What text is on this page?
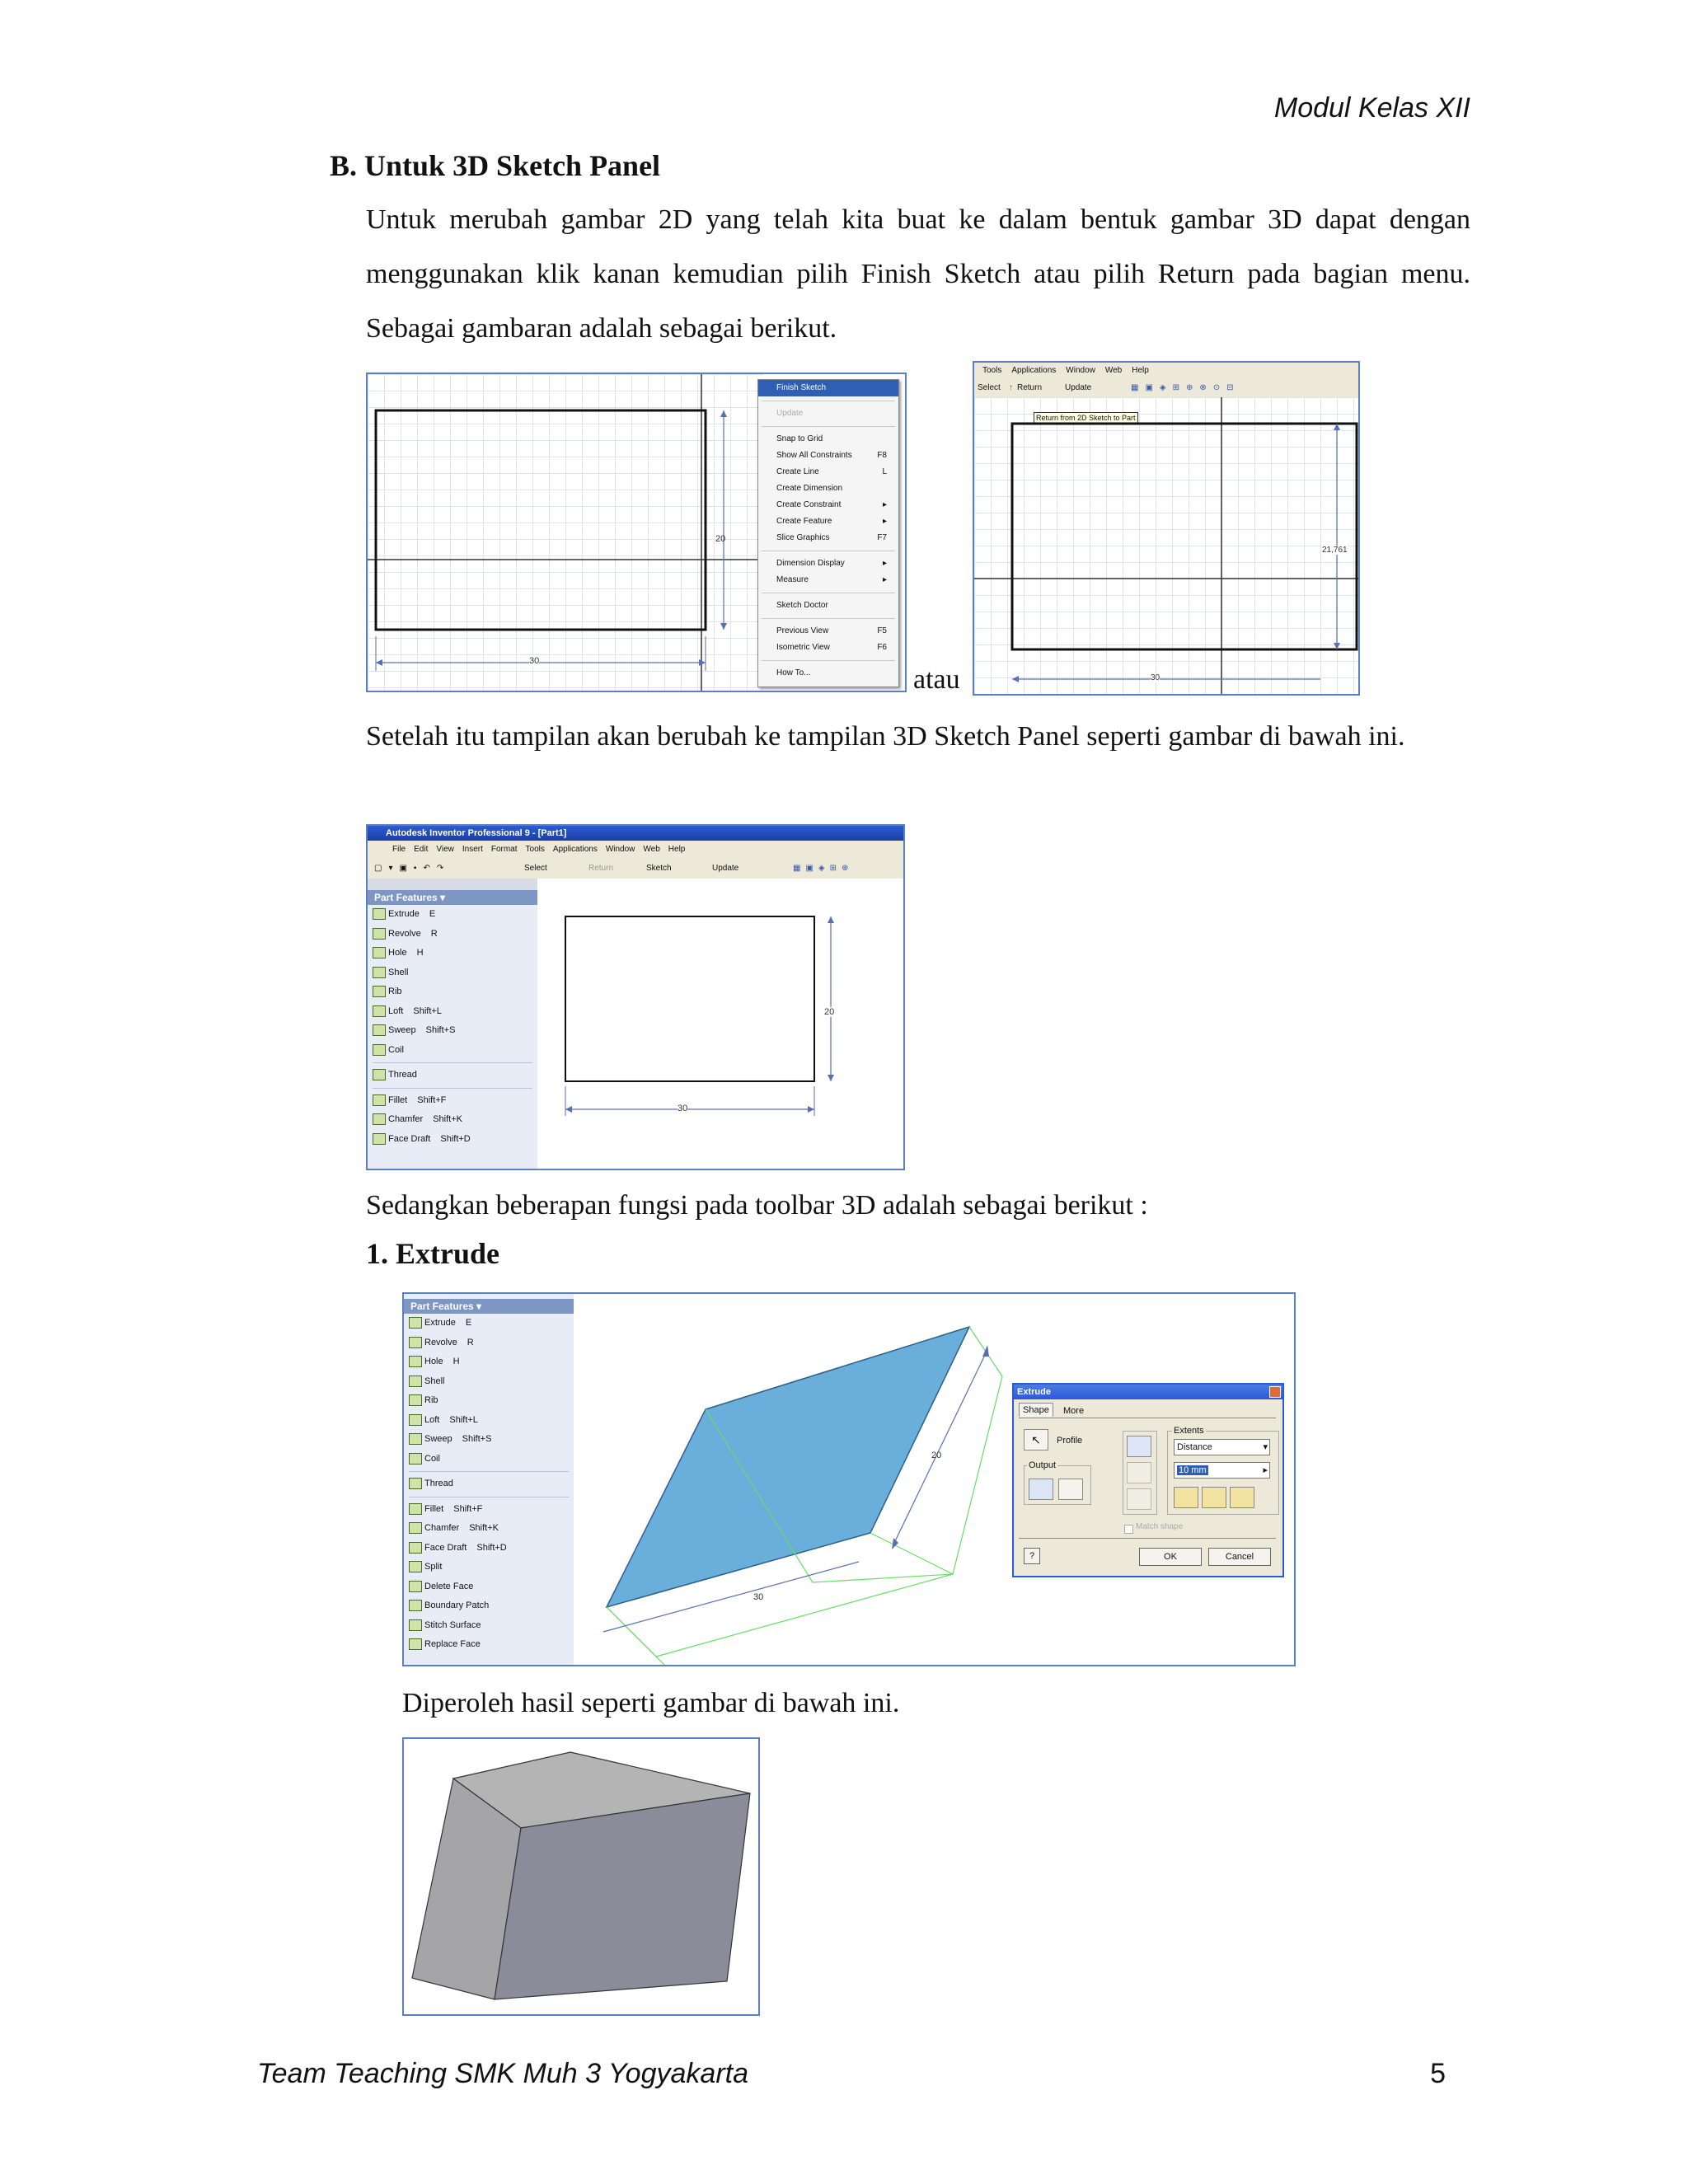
Modul Kelas XII
B. Untuk 3D Sketch Panel
Untuk merubah gambar 2D yang telah kita buat ke dalam bentuk gambar 3D dapat dengan menggunakan klik kanan kemudian pilih Finish Sketch atau pilih Return pada bagian menu. Sebagai gambaran adalah sebagai berikut.
20
30
Finish Sketch
Update
Snap to Grid
Show All Constraints	F8
Create Line	L
Create Dimension
Create Constraint	▸
Create Feature	▸
Slice Graphics	F7
Dimension Display	▸
Measure	▸
Sketch Doctor
Previous View	F5
Isometric View	F6
How To...	atau
Tools Applications Window Web Help
Select ↑ Return	Update	▦▣◈⊞⊕⊗⊙⊟
Return from 2D Sketch to Part
21,761
30
Setelah itu tampilan akan berubah ke tampilan 3D Sketch Panel seperti gambar di bawah ini.
Autodesk Inventor Professional 9 - [Part1]
File Edit View Insert Format Tools Applications Window Web Help
▢▾▣▪↶↷	Select	Return	Sketch	Update	▦▣◈⊞⊕
Part Features ▾
Extrude E
Revolve R
Hole H
Shell
Rib
Loft Shift+L
Sweep Shift+S
Coil
Thread
Fillet Shift+F
Chamfer Shift+K
Face Draft Shift+D
20
30
Sedangkan beberapan fungsi pada toolbar 3D adalah sebagai berikut :
1. Extrude
Part Features ▾
Extrude E
Revolve R
Hole H
Shell
Rib
Loft Shift+L
Sweep Shift+S
Coil
Thread
Fillet Shift+F
Chamfer Shift+K
Face Draft Shift+D
Split
Delete Face
Boundary Patch
Stitch Surface
Replace Face
20
30
Extrude
Shape	More
↖	Profile
Output
Extents
Distance	▾
10 mm	▸
Match shape
?	OK	Cancel
Diperoleh hasil seperti gambar di bawah ini.
Team Teaching SMK Muh 3 Yogyakarta	5
